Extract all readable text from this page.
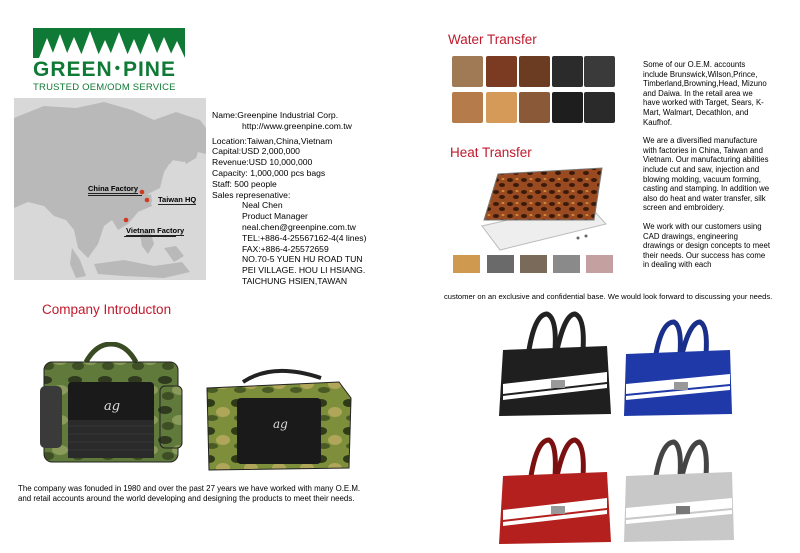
GREEN •PINE
TRUSTED OEM/ODM SERVICE
China Factory
Taiwan HQ
Vietnam Factory
Name:Greenpine Industrial Corp.
http://www.greenpine.com.tw
Location:Taiwan,China,Vietnam
Capital:USD 2,000,000
Revenue:USD 10,000,000
Capacity: 1,000,000 pcs bags
Staff: 500 people
Sales represenative:
Neal Chen
Product Manager
neal.chen@greenpine.com.tw
TEL:+886-4-25567162-4(4 lines)
FAX:+886-4-25572659
NO.70-5 YUEN HU ROAD TUN
PEI VILLAGE. HOU LI HSIANG.
TAICHUNG HSIEN,TAWAN
Company Introducton
ag
ag
The company was fonuded in 1980 and over the past 27 years we have worked with many O.E.M. and retail accounts around the world developing and designing the products to meet their needs.
Water Transfer
Heat Transfer
Some of our O.E.M. accounts include Brunswick,Wilson,Prince, Timberland,Browning,Head, Mizuno and Daiwa. In the retail area we have worked with Target, Sears, K-Mart, Walmart, Decathlon, and Kaufhof.
We are a diversified manufacture with factories in China, Taiwan and Vietnam. Our manufacturing abilities include cut and saw, injection and blowing molding, vacuum forming, casting and stamping. In addition we also do heat and water transfer, silk screen and embroidery.
We work with our customers using CAD drawings, engineering drawings or design concepts to meet their needs. Our success has come in dealing with each
customer on an exclusive and confidential base. We would look forward to discussing your needs.
